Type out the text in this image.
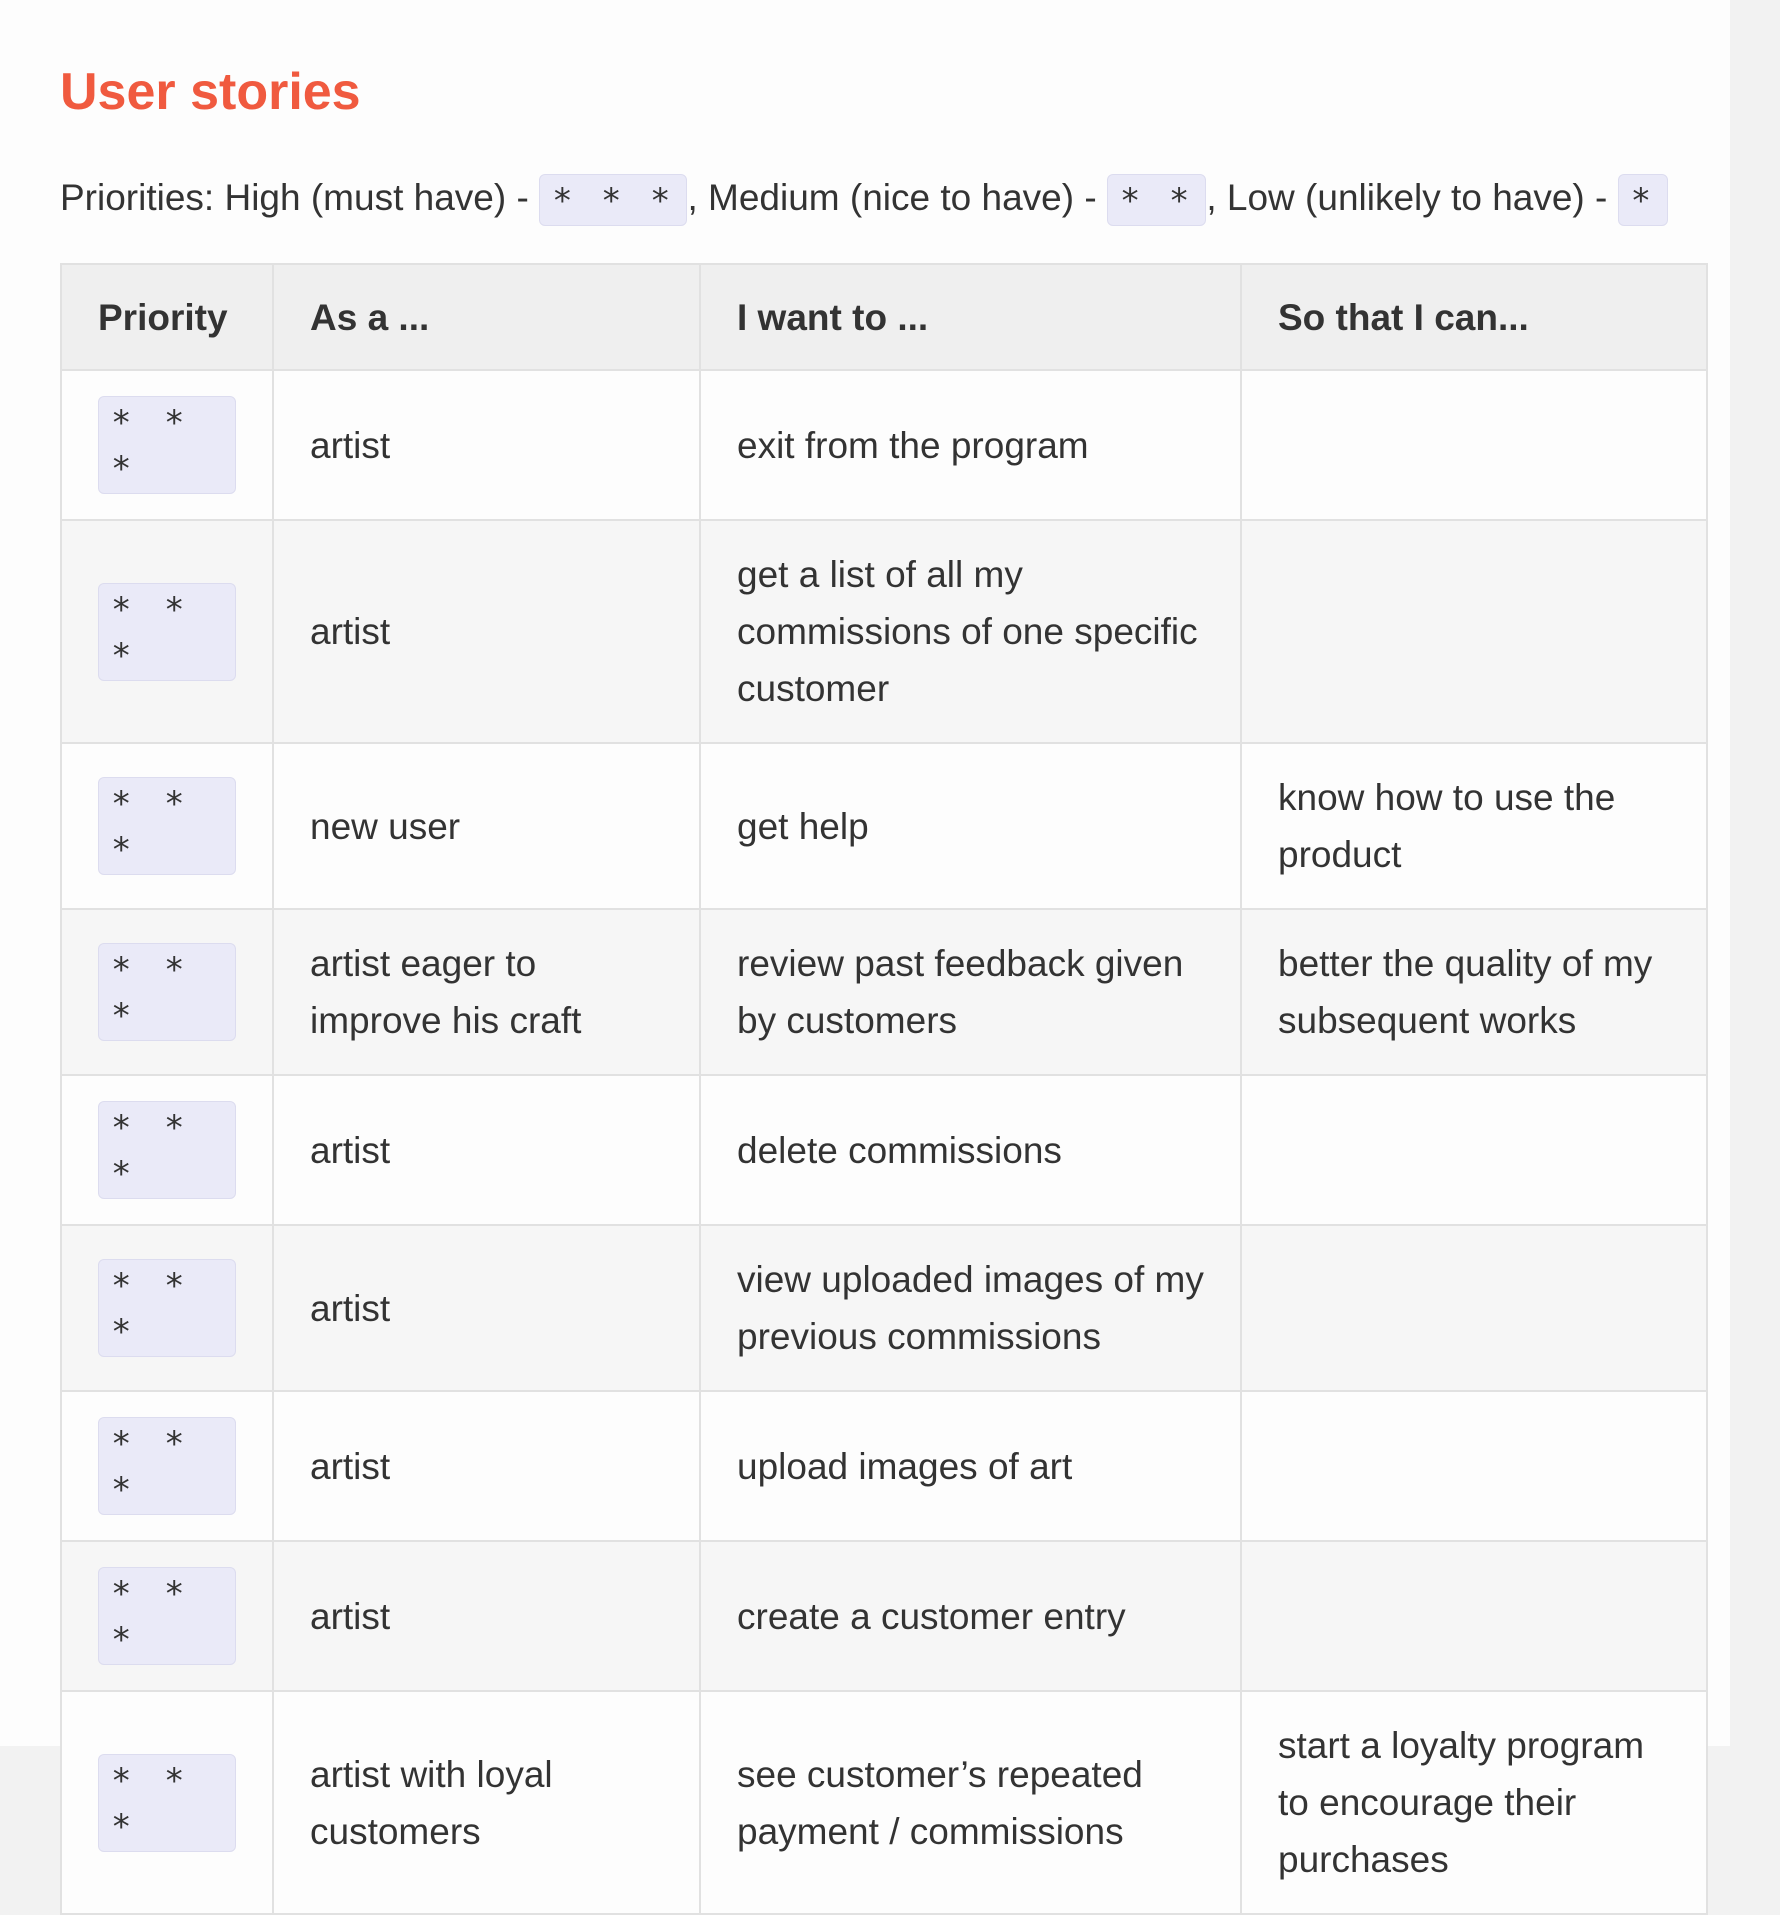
User stories
Priorities: High (must have) - * * * , Medium (nice to have) - * * , Low (unlikely to have) - *
Priority	As a ...	I want to ...	So that I can...
* * *	artist	exit from the program	
* * *	artist	get a list of all my commissions of one specific customer	
* * *	new user	get help	know how to use the product
* * *	artist eager to improve his craft	review past feedback given by customers	better the quality of my subsequent works
* * *	artist	delete commissions	
* * *	artist	view uploaded images of my previous commissions	
* * *	artist	upload images of art	
* * *	artist	create a customer entry	
* * *	artist with loyal customers	see customer’s repeated payment / commissions	start a loyalty program to encourage their purchases
